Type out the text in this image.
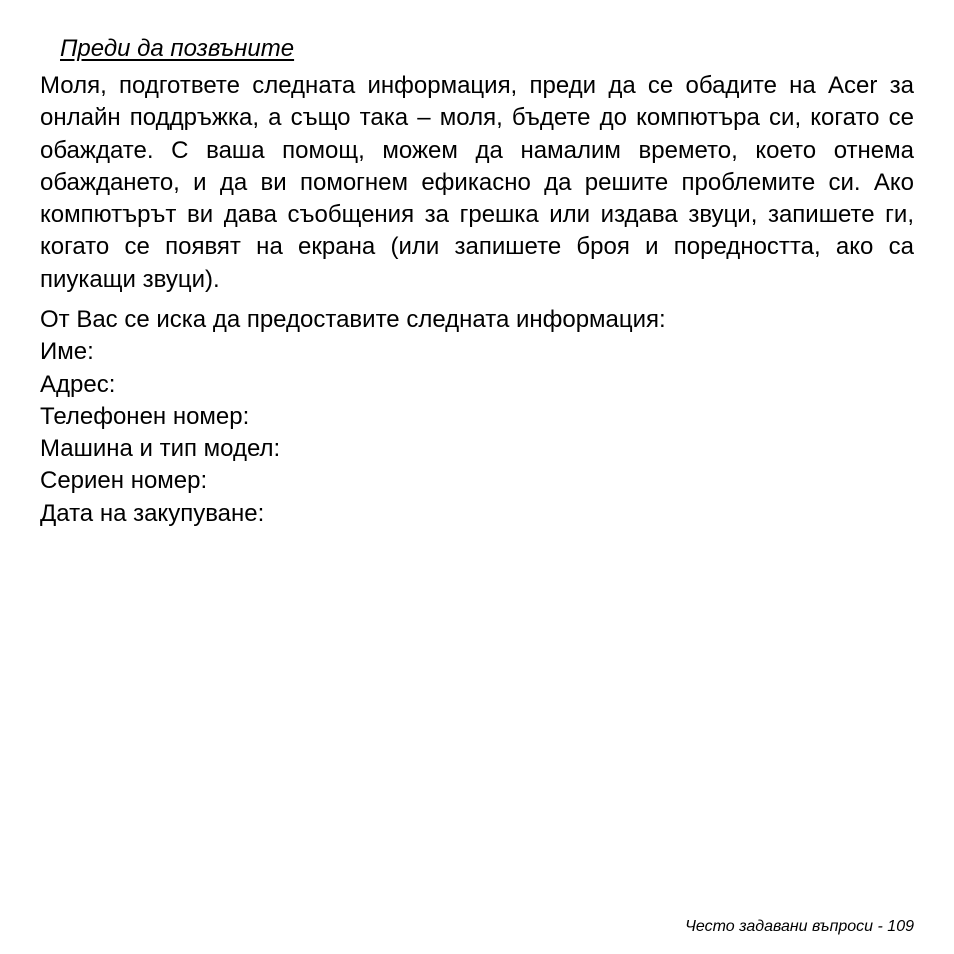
Преди да позвъните

Моля, подгответе следната информация, преди да се обадите на Acer за онлайн поддръжка, а също така – моля, бъдете до компютъра си, когато се обаждате. С ваша помощ, можем да намалим времето, което отнема обаждането, и да ви помогнем ефикасно да решите проблемите си. Ако компютърът ви дава съобщения за грешка или издава звуци, запишете ги, когато се появят на екрана (или запишете броя и поредността, ако са пиукащи звуци).

От Вас се иска да предоставите следната информация:
Име:
Адрес:
Телефонен номер:
Машина и тип модел:
Сериен номер:
Дата на закупуване:
Често задавани въпроси - 109
